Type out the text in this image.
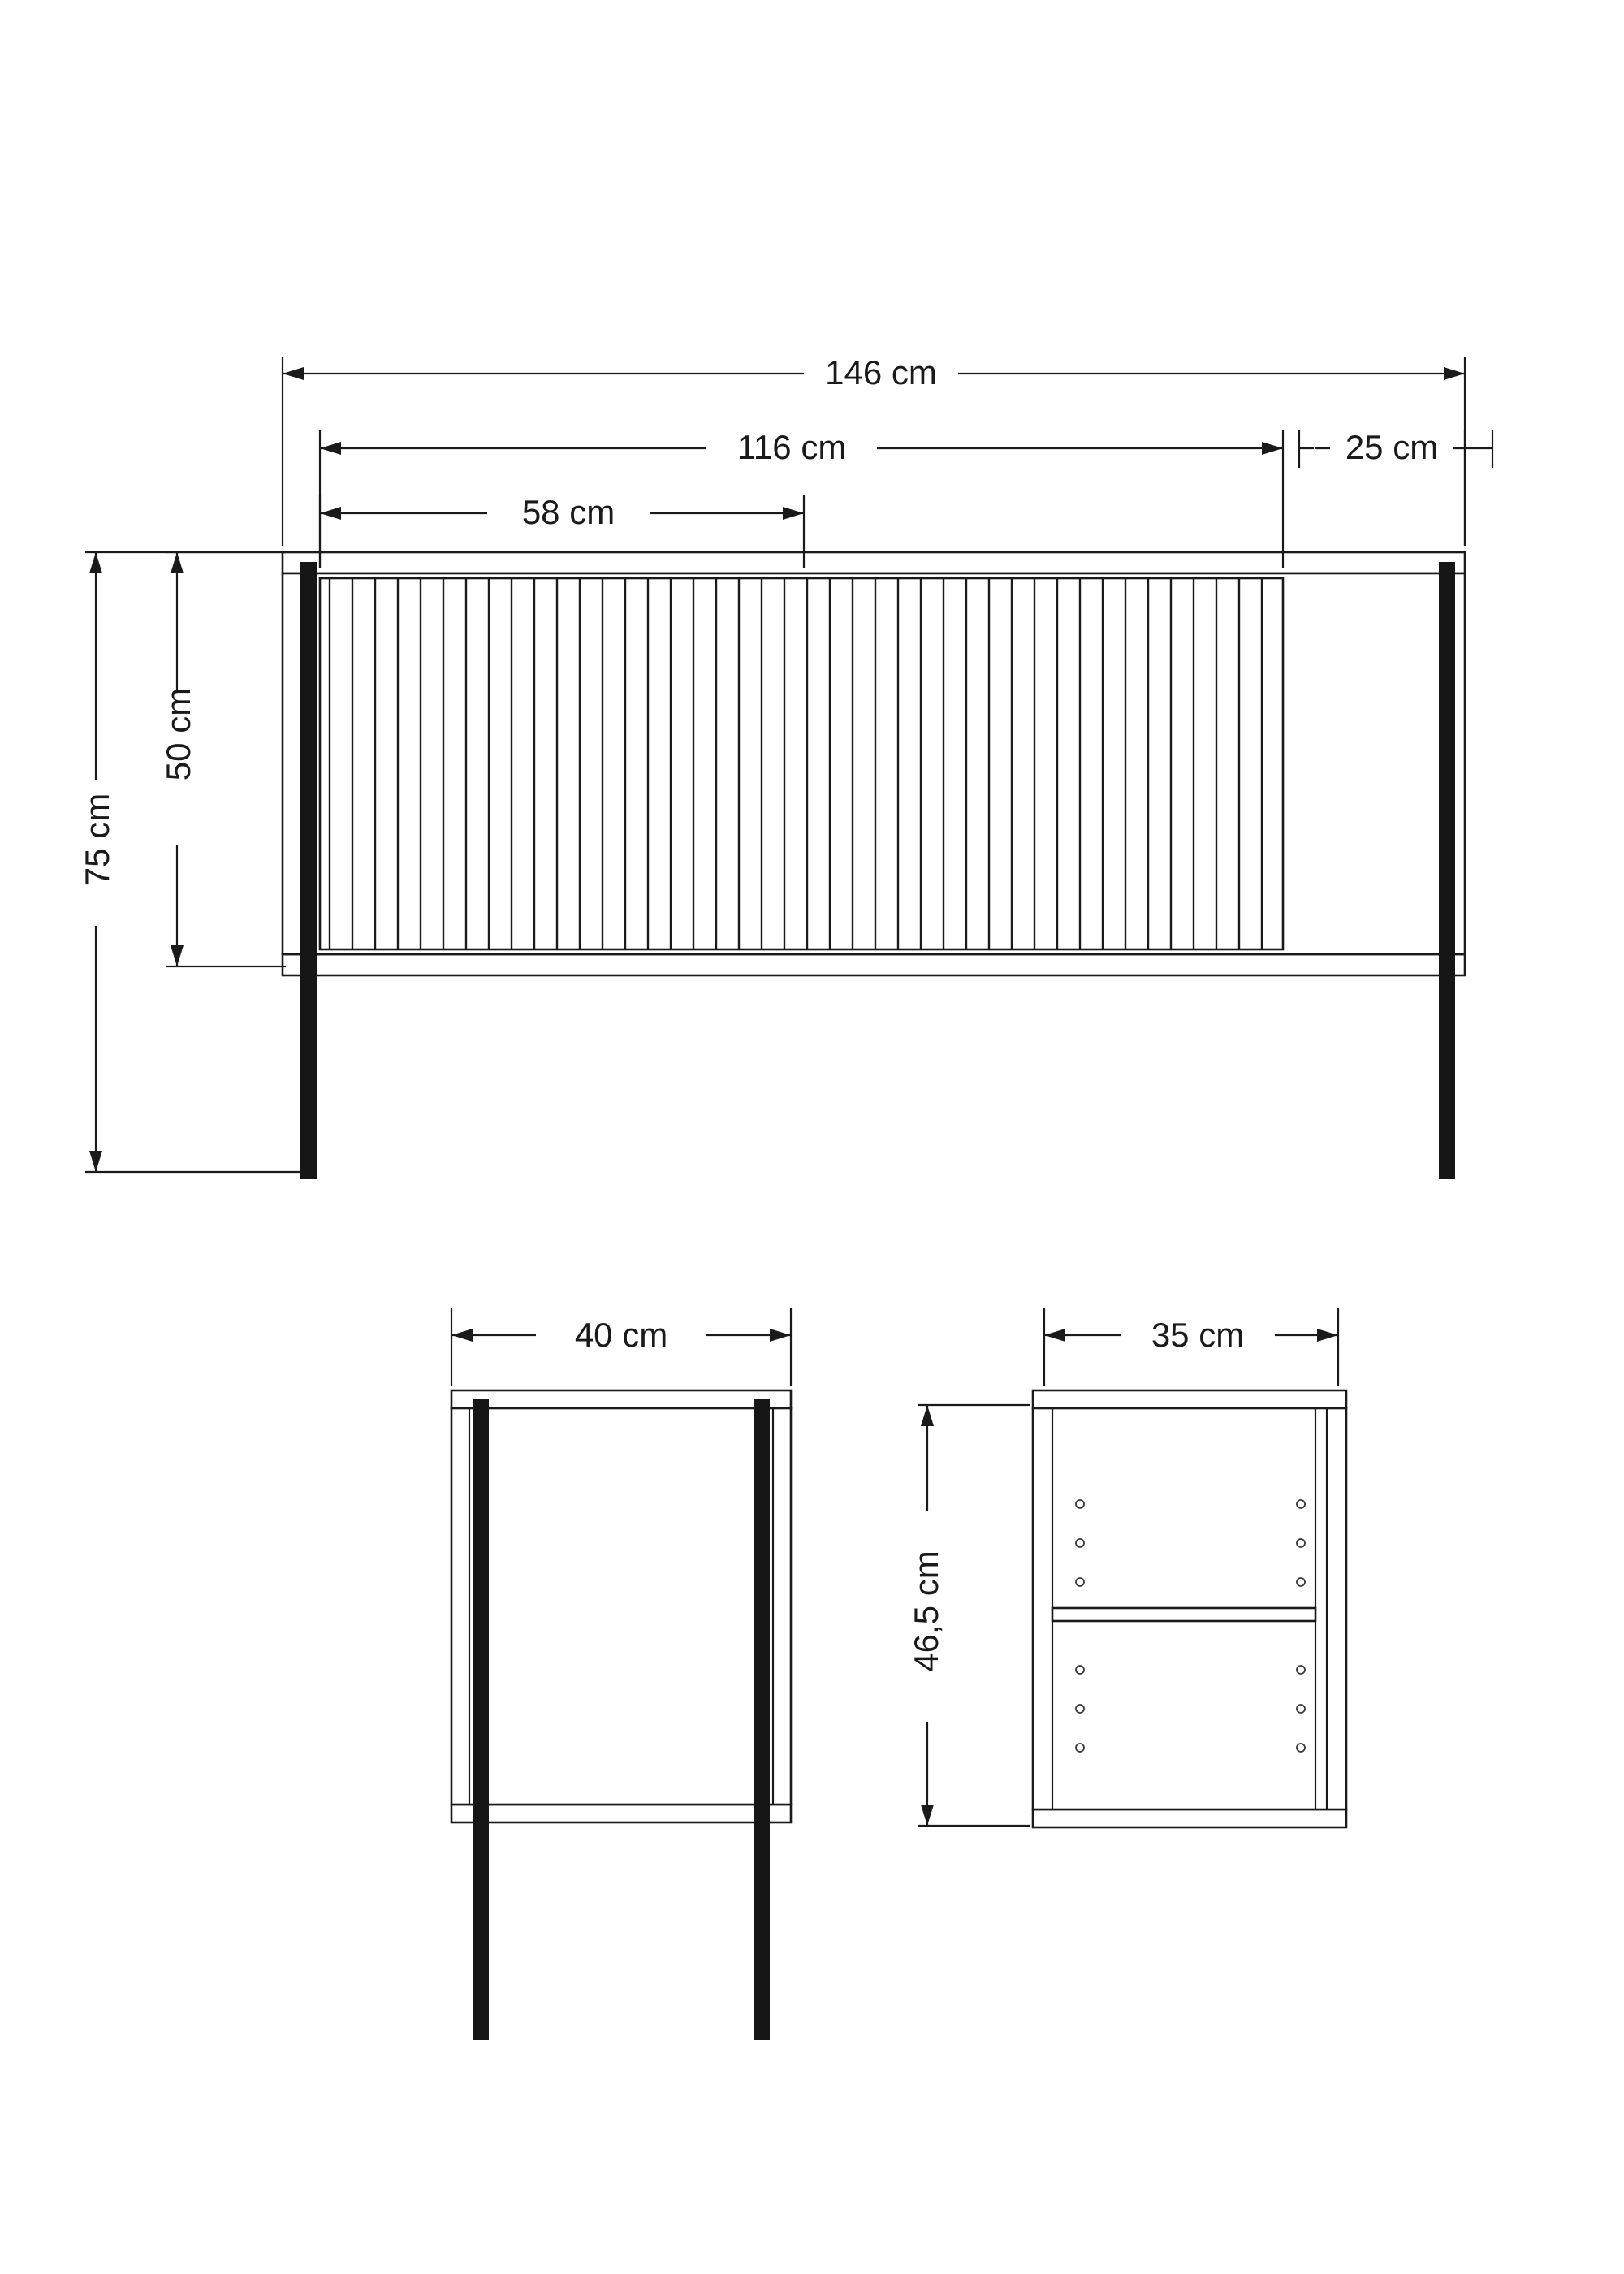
146 cm
116 cm	25 cm
58 cm
75 cm
50 cm
40 cm	35 cm
46,5 cm
